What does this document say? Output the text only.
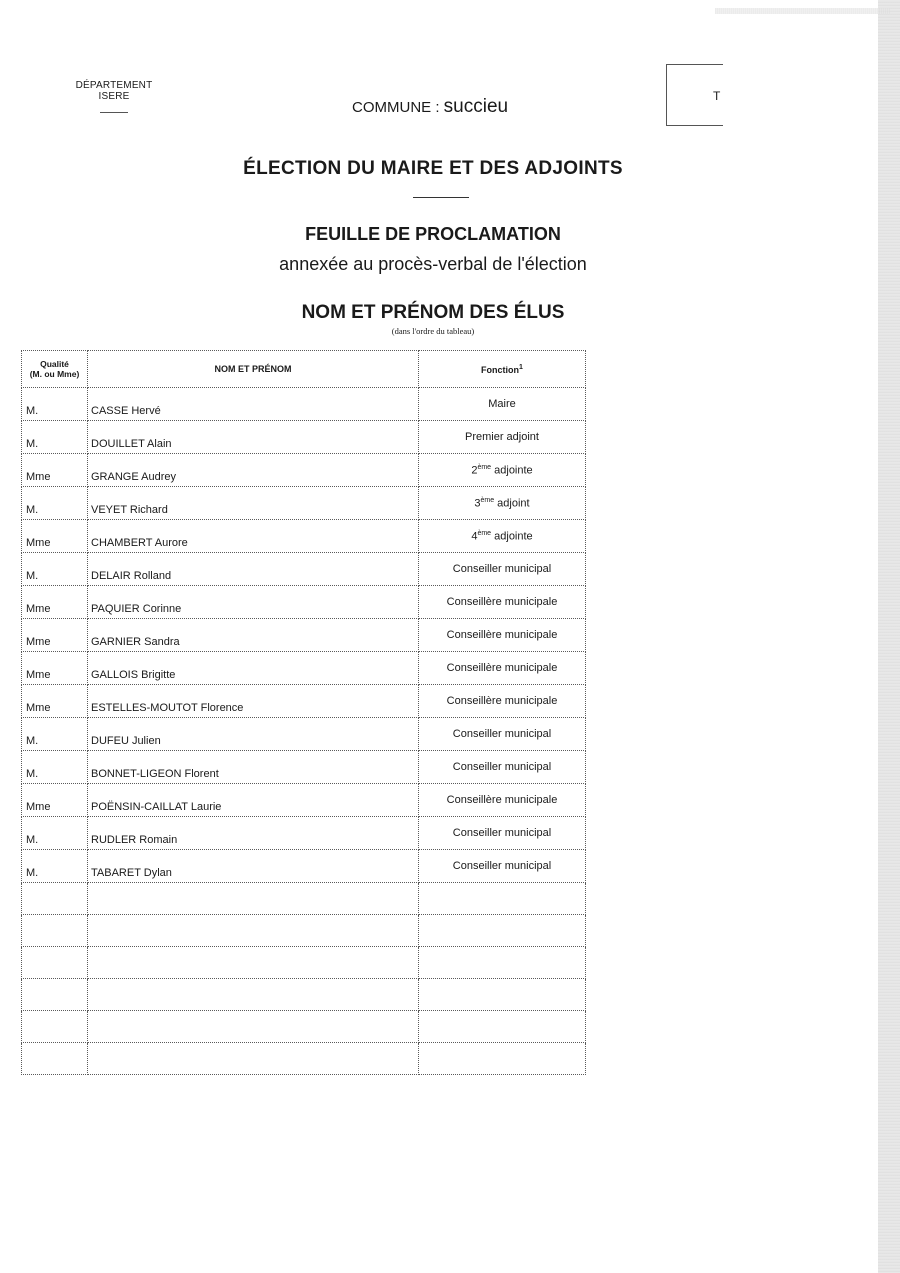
DÉPARTEMENT
ISERE
COMMUNE : succieu	T
ÉLECTION DU MAIRE ET DES ADJOINTS
FEUILLE DE PROCLAMATION
annexée au procès-verbal de l'élection
NOM ET PRÉNOM DES ÉLUS
(dans l'ordre du tableau)
Qualité
(M. ou Mme)	NOM ET PRÉNOM	Fonction$^1$
M.	CASSE Hervé	Maire
M.	DOUILLET Alain	Premier adjoint
Mme	GRANGE Audrey	2ème adjointe
M.	VEYET Richard	3ème adjoint
Mme	CHAMBERT Aurore	4ème adjointe
M.	DELAIR Rolland	Conseiller municipal
Mme	PAQUIER Corinne	Conseillère municipale
Mme	GARNIER Sandra	Conseillère municipale
Mme	GALLOIS Brigitte	Conseillère municipale
Mme	ESTELLES-MOUTOT Florence	Conseillère municipale
M.	DUFEU Julien	Conseiller municipal
M.	BONNET-LIGEON Florent	Conseiller municipal
Mme	POËNSIN-CAILLAT Laurie	Conseillère municipale
M.	RUDLER Romain	Conseiller municipal
M.	TABARET Dylan	Conseiller municipal
